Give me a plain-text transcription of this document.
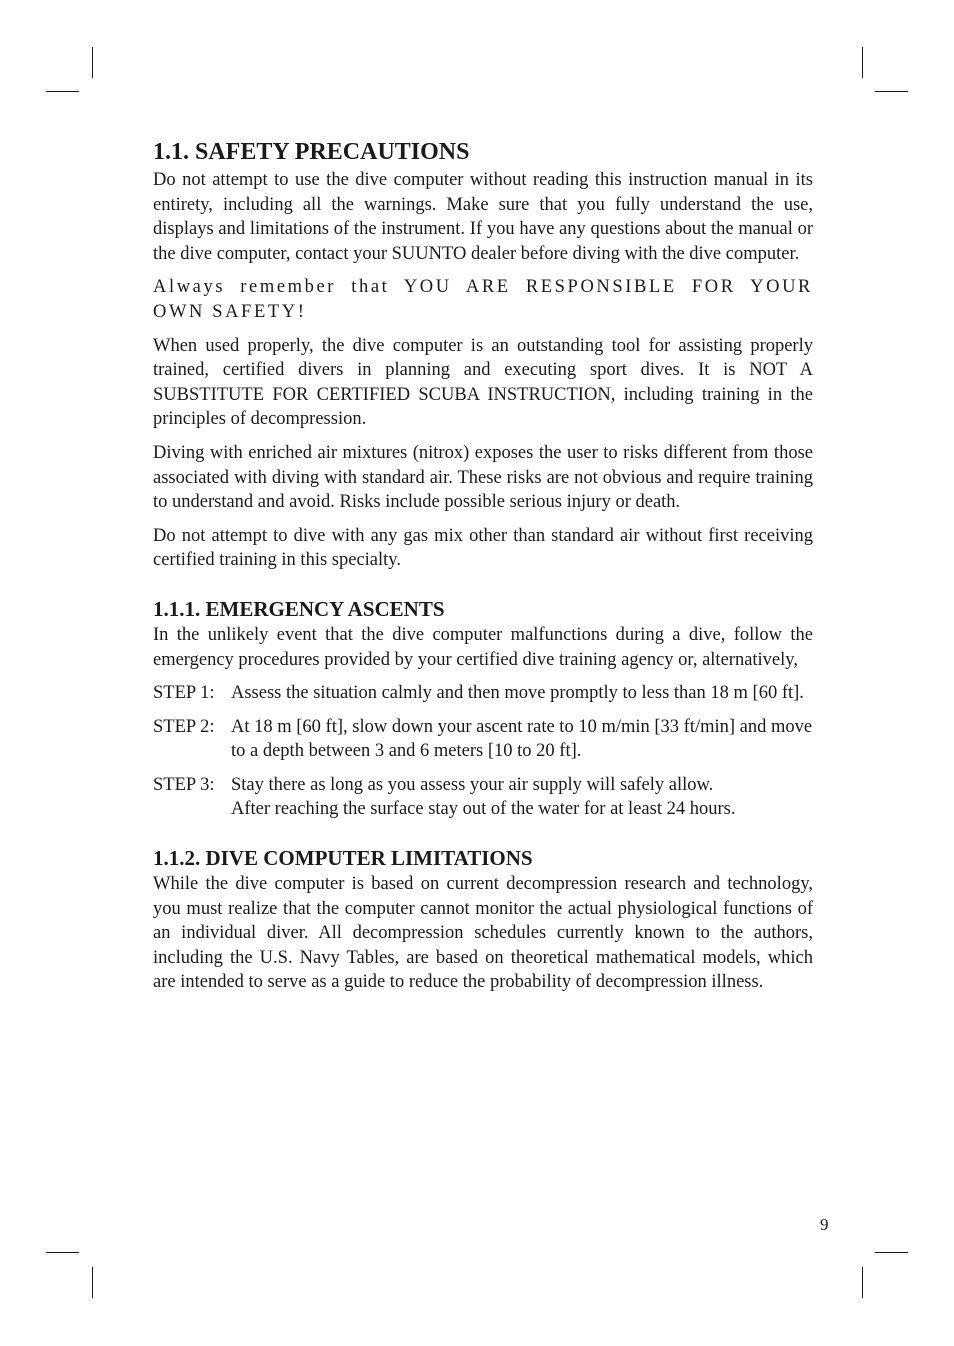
1.1. SAFETY PRECAUTIONS

Do not attempt to use the dive computer without reading this instruction manual in its entirety, including all the warnings. Make sure that you fully understand the use, displays and limitations of the instrument. If you have any questions about the manual or the dive computer, contact your SUUNTO dealer before diving with the dive computer.

Always remember that YOU ARE RESPONSIBLE FOR YOUR OWN SAFETY!

When used properly, the dive computer is an outstanding tool for assisting properly trained, certified divers in planning and executing sport dives. It is NOT A SUBSTITUTE FOR CERTIFIED SCUBA INSTRUCTION, including training in the principles of decompression.

Diving with enriched air mixtures (nitrox) exposes the user to risks different from those associated with diving with standard air. These risks are not obvious and require training to understand and avoid. Risks include possible serious injury or death.

Do not attempt to dive with any gas mix other than standard air without first receiving certified training in this specialty.

1.1.1. EMERGENCY ASCENTS

In the unlikely event that the dive computer malfunctions during a dive, follow the emergency procedures provided by your certified dive training agency or, alternatively,

STEP 1: Assess the situation calmly and then move promptly to less than 18 m [60 ft].
STEP 2: At 18 m [60 ft], slow down your ascent rate to 10 m/min [33 ft/min] and move to a depth between 3 and 6 meters [10 to 20 ft].
STEP 3: Stay there as long as you assess your air supply will safely allow.
After reaching the surface stay out of the water for at least 24 hours.
1.1.2. DIVE COMPUTER LIMITATIONS

While the dive computer is based on current decompression research and technology, you must realize that the computer cannot monitor the actual physiological functions of an individual diver. All decompression schedules currently known to the authors, including the U.S. Navy Tables, are based on theoretical mathematical models, which are intended to serve as a guide to reduce the probability of decompression illness.

9
